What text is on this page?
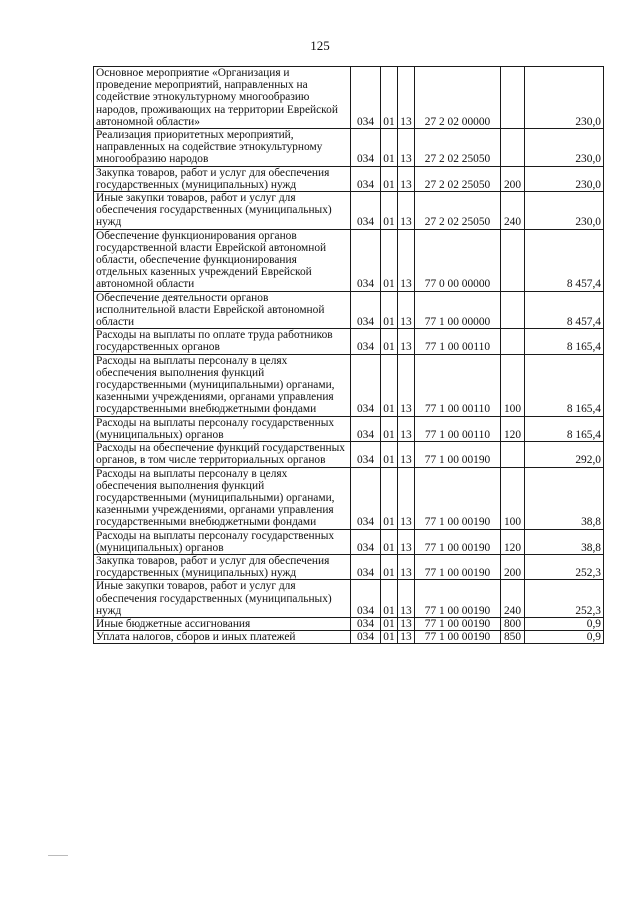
125
Основное мероприятие «Организация и проведение мероприятий, направленных на содействие этнокультурному многообразию народов, проживающих на территории Еврейской автономной области»	034	01	13	27 2 02 00000		230,0
Реализация приоритетных мероприятий, направленных на содействие этнокультурному многообразию народов	034	01	13	27 2 02 25050		230,0
Закупка товаров, работ и услуг для обеспечения государственных (муниципальных) нужд	034	01	13	27 2 02 25050	200	230,0
Иные закупки товаров, работ и услуг для обеспечения государственных (муниципальных) нужд	034	01	13	27 2 02 25050	240	230,0
Обеспечение функционирования органов государственной власти Еврейской автономной области, обеспечение функционирования отдельных казенных учреждений Еврейской автономной области	034	01	13	77 0 00 00000		8 457,4
Обеспечение деятельности органов исполнительной власти Еврейской автономной области	034	01	13	77 1 00 00000		8 457,4
Расходы на выплаты по оплате труда работников государственных органов	034	01	13	77 1 00 00110		8 165,4
Расходы на выплаты персоналу в целях обеспечения выполнения функций государственными (муниципальными) органами, казенными учреждениями, органами управления государственными внебюджетными фондами	034	01	13	77 1 00 00110	100	8 165,4
Расходы на выплаты персоналу государственных (муниципальных) органов	034	01	13	77 1 00 00110	120	8 165,4
Расходы на обеспечение функций государственных органов, в том числе территориальных органов	034	01	13	77 1 00 00190		292,0
Расходы на выплаты персоналу в целях обеспечения выполнения функций государственными (муниципальными) органами, казенными учреждениями, органами управления государственными внебюджетными фондами	034	01	13	77 1 00 00190	100	38,8
Расходы на выплаты персоналу государственных (муниципальных) органов	034	01	13	77 1 00 00190	120	38,8
Закупка товаров, работ и услуг для обеспечения государственных (муниципальных) нужд	034	01	13	77 1 00 00190	200	252,3
Иные закупки товаров, работ и услуг для обеспечения государственных (муниципальных) нужд	034	01	13	77 1 00 00190	240	252,3
Иные бюджетные ассигнования	034	01	13	77 1 00 00190	800	0,9
Уплата налогов, сборов и иных платежей	034	01	13	77 1 00 00190	850	0,9
